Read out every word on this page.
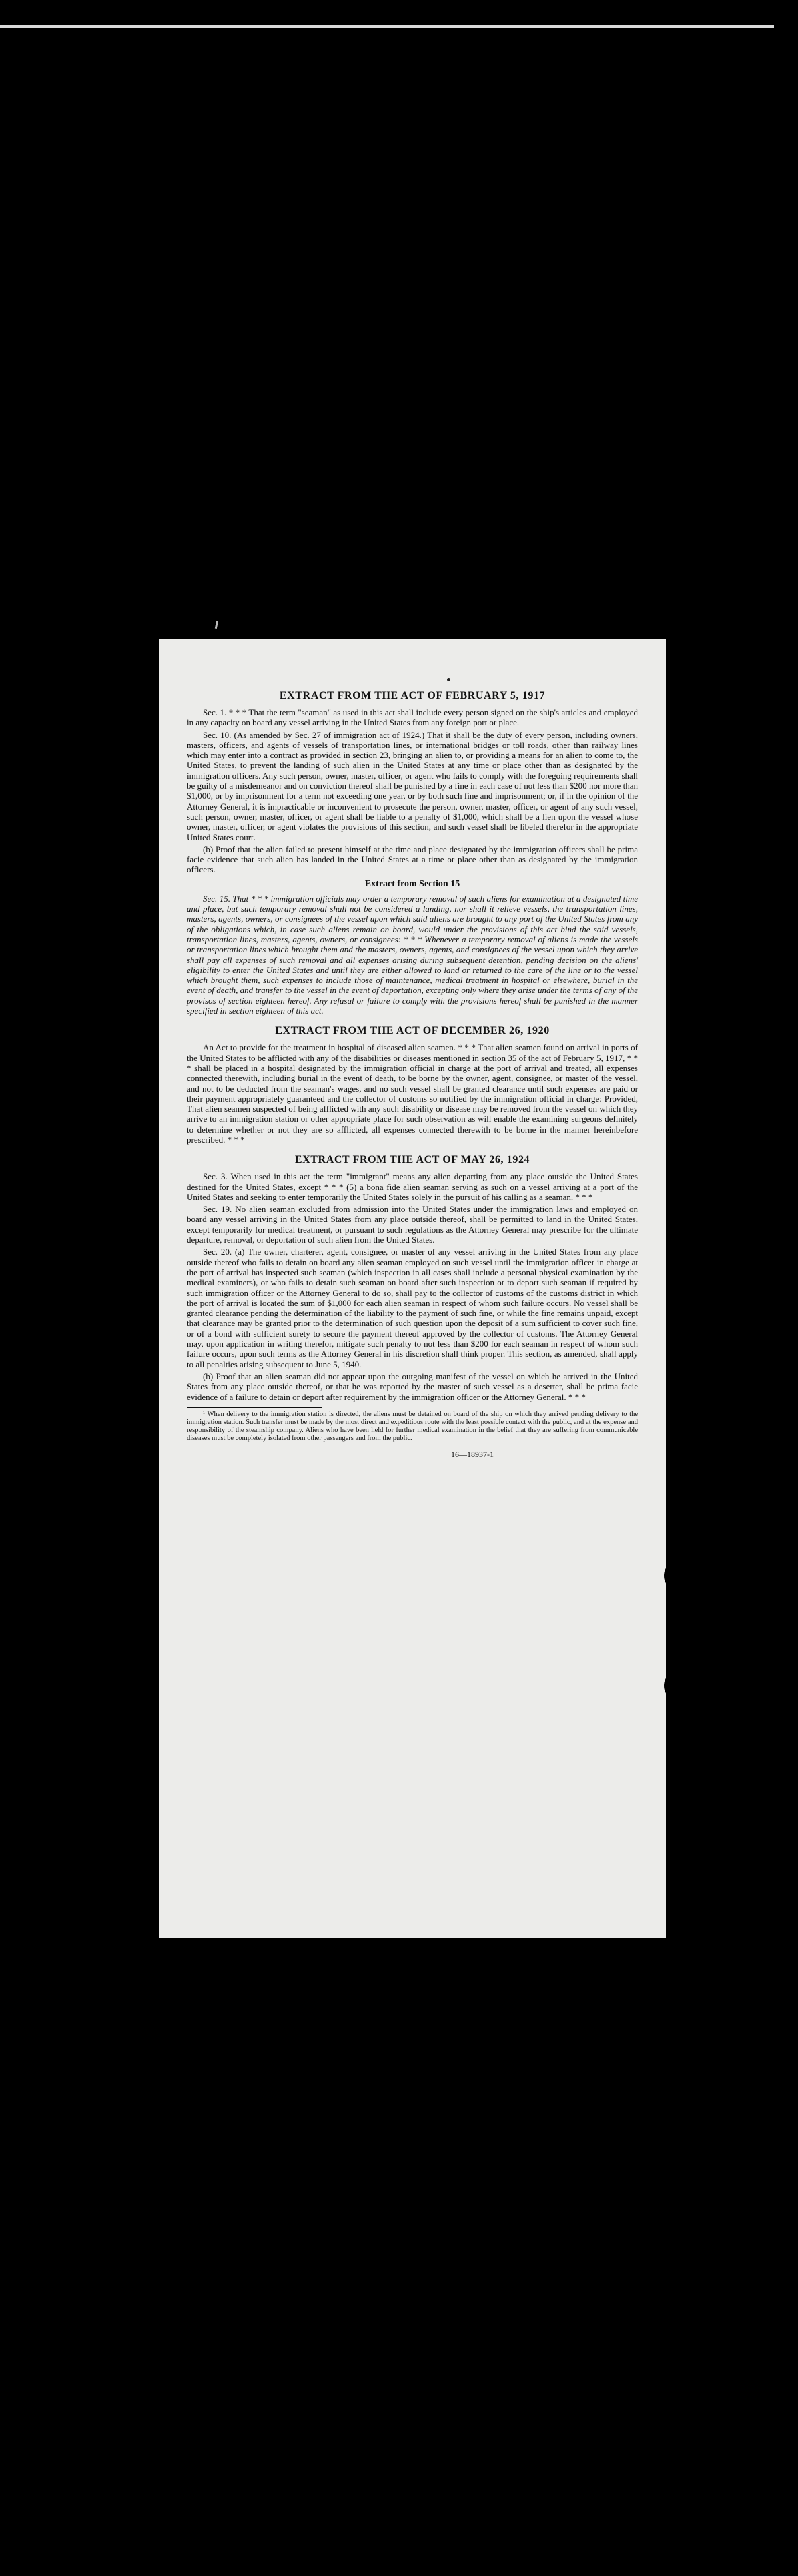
EXTRACT FROM THE ACT OF FEBRUARY 5, 1917

Sec. 1. * * * That the term "seaman" as used in this act shall include every person signed on the ship's articles and employed in any capacity on board any vessel arriving in the United States from any foreign port or place.

Sec. 10. (As amended by Sec. 27 of immigration act of 1924.) That it shall be the duty of every person, including owners, masters, officers, and agents of vessels of transportation lines, or international bridges or toll roads, other than railway lines which may enter into a contract as provided in section 23, bringing an alien to, or providing a means for an alien to come to, the United States, to prevent the landing of such alien in the United States at any time or place other than as designated by the immigration officers. Any such person, owner, master, officer, or agent who fails to comply with the foregoing requirements shall be guilty of a misdemeanor and on conviction thereof shall be punished by a fine in each case of not less than $200 nor more than $1,000, or by imprisonment for a term not exceeding one year, or by both such fine and imprisonment; or, if in the opinion of the Attorney General, it is impracticable or inconvenient to prosecute the person, owner, master, officer, or agent of any such vessel, such person, owner, master, officer, or agent shall be liable to a penalty of $1,000, which shall be a lien upon the vessel whose owner, master, officer, or agent violates the provisions of this section, and such vessel shall be libeled therefor in the appropriate United States court.

(b) Proof that the alien failed to present himself at the time and place designated by the immigration officers shall be prima facie evidence that such alien has landed in the United States at a time or place other than as designated by the immigration officers.

Extract from Section 15

Sec. 15. That * * * immigration officials may order a temporary removal of such aliens for examination at a designated time and place, but such temporary removal shall not be considered a landing, nor shall it relieve vessels, the transportation lines, masters, agents, owners, or consignees of the vessel upon which said aliens are brought to any port of the United States from any of the obligations which, in case such aliens remain on board, would under the provisions of this act bind the said vessels, transportation lines, masters, agents, owners, or consignees: * * * Whenever a temporary removal of aliens is made the vessels or transportation lines which brought them and the masters, owners, agents, and consignees of the vessel upon which they arrive shall pay all expenses of such removal and all expenses arising during subsequent detention, pending decision on the aliens' eligibility to enter the United States and until they are either allowed to land or returned to the care of the line or to the vessel which brought them, such expenses to include those of maintenance, medical treatment in hospital or elsewhere, burial in the event of death, and transfer to the vessel in the event of deportation, excepting only where they arise under the terms of any of the provisos of section eighteen hereof. Any refusal or failure to comply with the provisions hereof shall be punished in the manner specified in section eighteen of this act.

EXTRACT FROM THE ACT OF DECEMBER 26, 1920

An Act to provide for the treatment in hospital of diseased alien seamen. * * * That alien seamen found on arrival in ports of the United States to be afflicted with any of the disabilities or diseases mentioned in section 35 of the act of February 5, 1917, * * * shall be placed in a hospital designated by the immigration official in charge at the port of arrival and treated, all expenses connected therewith, including burial in the event of death, to be borne by the owner, agent, consignee, or master of the vessel, and not to be deducted from the seaman's wages, and no such vessel shall be granted clearance until such expenses are paid or their payment appropriately guaranteed and the collector of customs so notified by the immigration official in charge: Provided, That alien seamen suspected of being afflicted with any such disability or disease may be removed from the vessel on which they arrive to an immigration station or other appropriate place for such observation as will enable the examining surgeons definitely to determine whether or not they are so afflicted, all expenses connected therewith to be borne in the manner hereinbefore prescribed. * * *

EXTRACT FROM THE ACT OF MAY 26, 1924

Sec. 3. When used in this act the term "immigrant" means any alien departing from any place outside the United States destined for the United States, except * * * (5) a bona fide alien seaman serving as such on a vessel arriving at a port of the United States and seeking to enter temporarily the United States solely in the pursuit of his calling as a seaman. * * *

Sec. 19. No alien seaman excluded from admission into the United States under the immigration laws and employed on board any vessel arriving in the United States from any place outside thereof, shall be permitted to land in the United States, except temporarily for medical treatment, or pursuant to such regulations as the Attorney General may prescribe for the ultimate departure, removal, or deportation of such alien from the United States.

Sec. 20. (a) The owner, charterer, agent, consignee, or master of any vessel arriving in the United States from any place outside thereof who fails to detain on board any alien seaman employed on such vessel until the immigration officer in charge at the port of arrival has inspected such seaman (which inspection in all cases shall include a personal physical examination by the medical examiners), or who fails to detain such seaman on board after such inspection or to deport such seaman if required by such immigration officer or the Attorney General to do so, shall pay to the collector of customs of the customs district in which the port of arrival is located the sum of $1,000 for each alien seaman in respect of whom such failure occurs. No vessel shall be granted clearance pending the determination of the liability to the payment of such fine, or while the fine remains unpaid, except that clearance may be granted prior to the determination of such question upon the deposit of a sum sufficient to cover such fine, or of a bond with sufficient surety to secure the payment thereof approved by the collector of customs. The Attorney General may, upon application in writing therefor, mitigate such penalty to not less than $200 for each seaman in respect of whom such failure occurs, upon such terms as the Attorney General in his discretion shall think proper. This section, as amended, shall apply to all penalties arising subsequent to June 5, 1940.

(b) Proof that an alien seaman did not appear upon the outgoing manifest of the vessel on which he arrived in the United States from any place outside thereof, or that he was reported by the master of such vessel as a deserter, shall be prima facie evidence of a failure to detain or deport after requirement by the immigration officer or the Attorney General. * * *

¹ When delivery to the immigration station is directed, the aliens must be detained on board of the ship on which they arrived pending delivery to the immigration station. Such transfer must be made by the most direct and expeditious route with the least possible contact with the public, and at the expense and responsibility of the steamship company. Aliens who have been held for further medical examination in the belief that they are suffering from communicable diseases must be completely isolated from other passengers and from the public.

16—18937-1
